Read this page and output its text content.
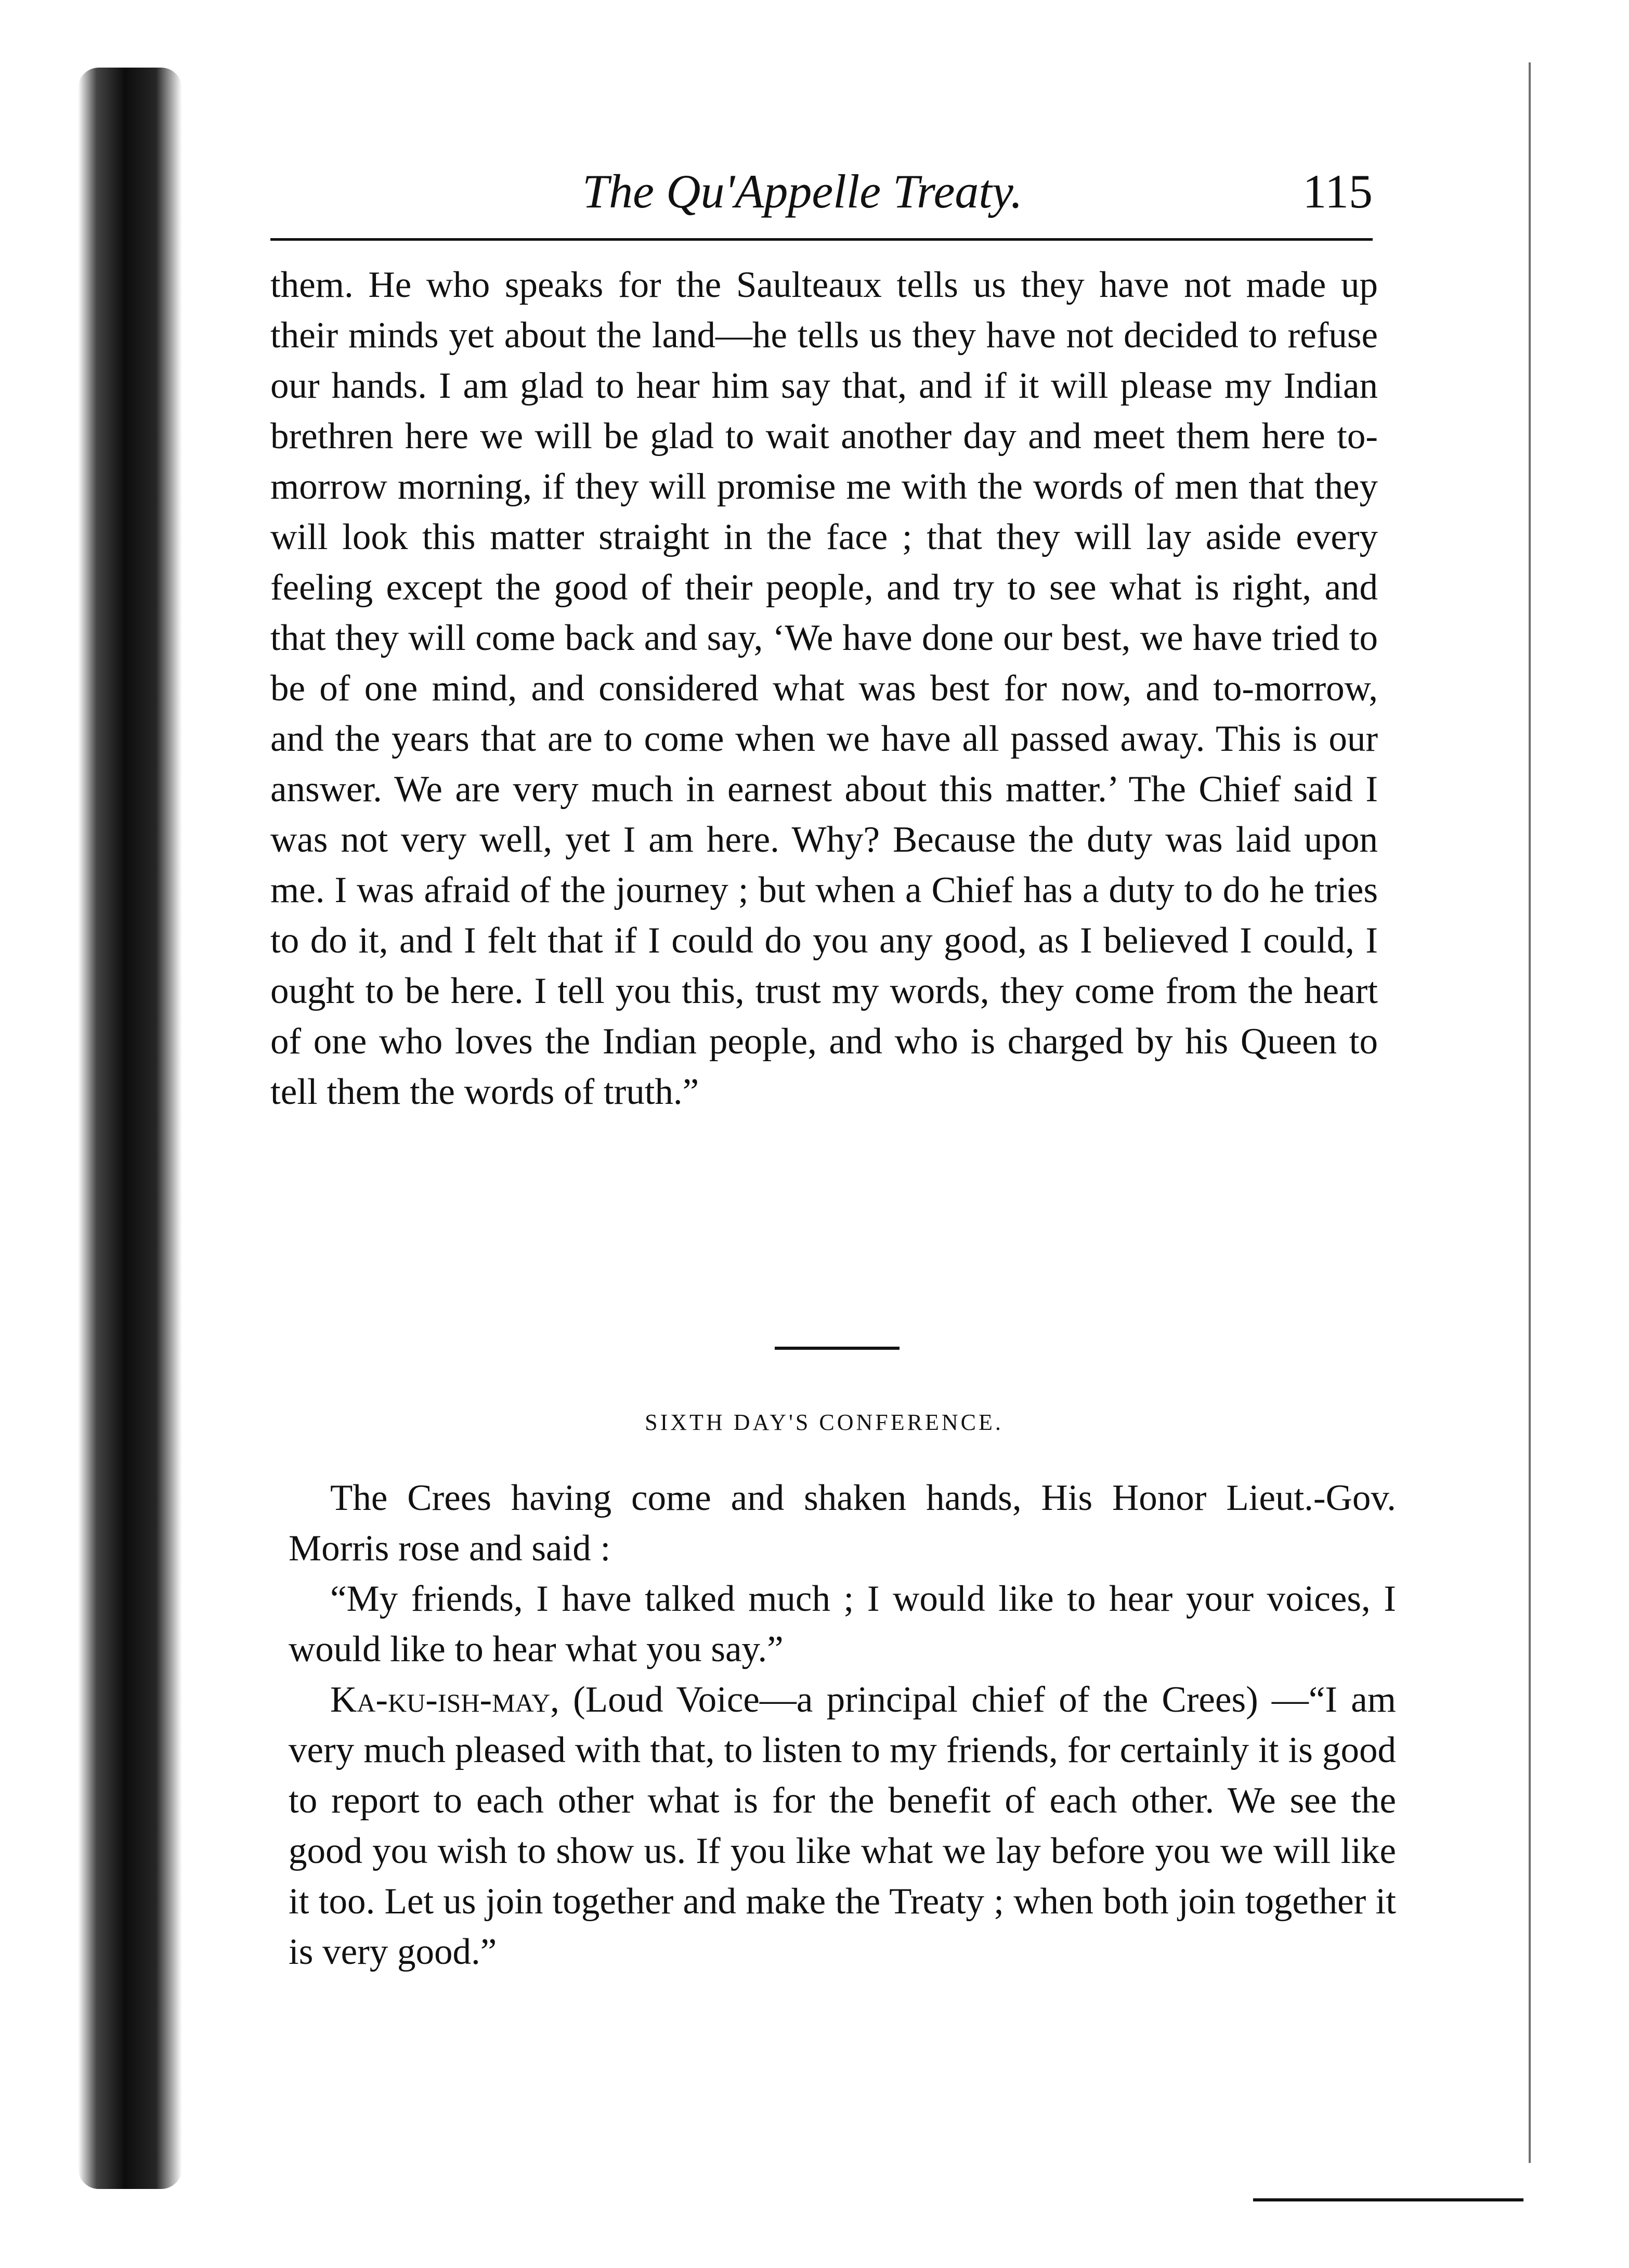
The Qu'Appelle Treaty.	115

them. He who speaks for the Saulteaux tells us they have not made up their minds yet about the land—he tells us they have not decided to refuse our hands. I am glad to hear him say that, and if it will please my Indian brethren here we will be glad to wait another day and meet them here to-morrow morning, if they will promise me with the words of men that they will look this matter straight in the face ; that they will lay aside every feeling except the good of their people, and try to see what is right, and that they will come back and say, ‘We have done our best, we have tried to be of one mind, and considered what was best for now, and to-morrow, and the years that are to come when we have all passed away. This is our answer. We are very much in earnest about this matter.’ The Chief said I was not very well, yet I am here. Why? Because the duty was laid upon me. I was afraid of the journey ; but when a Chief has a duty to do he tries to do it, and I felt that if I could do you any good, as I believed I could, I ought to be here. I tell you this, trust my words, they come from the heart of one who loves the Indian people, and who is charged by his Queen to tell them the words of truth.”

SIXTH DAY'S CONFERENCE.

The Crees having come and shaken hands, His Honor Lieut.-Gov. Morris rose and said :

“My friends, I have talked much ; I would like to hear your voices, I would like to hear what you say.”

Ka-ku-ish-may, (Loud Voice—a principal chief of the Crees) —“I am very much pleased with that, to listen to my friends, for certainly it is good to report to each other what is for the benefit of each other. We see the good you wish to show us. If you like what we lay before you we will like it too. Let us join together and make the Treaty ; when both join together it is very good.”
